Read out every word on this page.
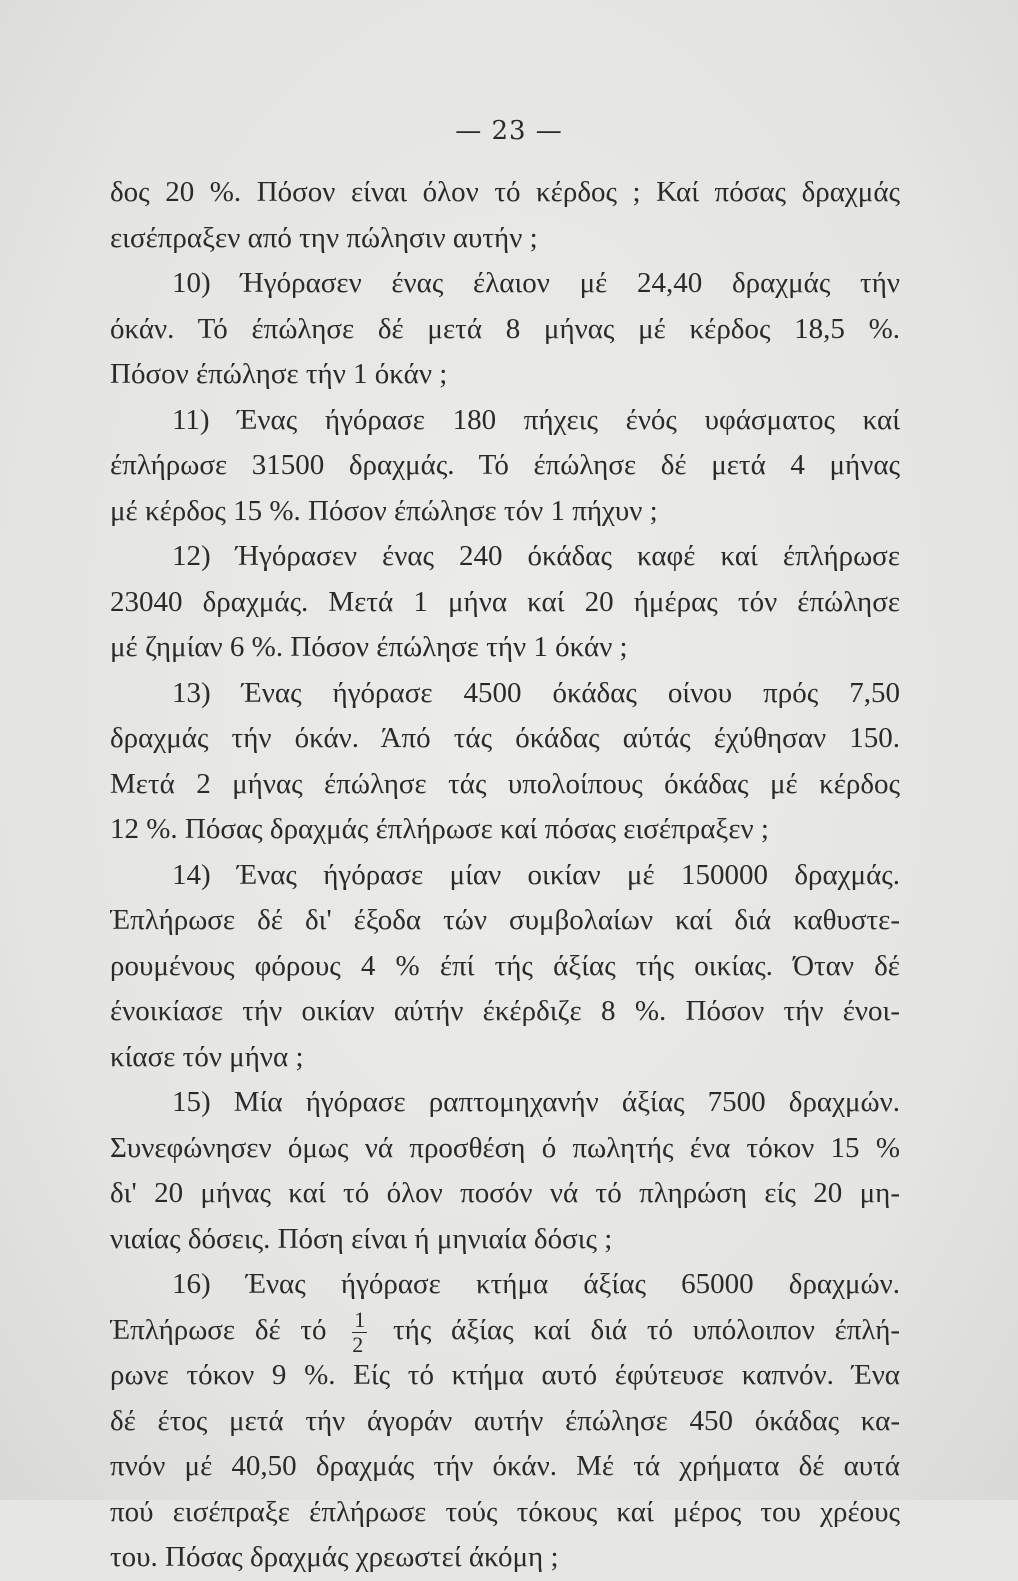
— 23 —
δος 20 %. Πόσον είναι όλον τό κέρδος ; Καί πόσας δραχμάς
εισέπραξεν από την πώλησιν αυτήν ;
10) Ήγόρασεν ένας έλαιον μέ 24,40 δραχμάς τήν
όκάν. Τό έπώλησε δέ μετά 8 μήνας μέ κέρδος 18,5 %.
Πόσον έπώλησε τήν 1 όκάν ;
11) Ένας ήγόρασε 180 πήχεις ένός υφάσματος καί
έπλήρωσε 31500 δραχμάς. Τό έπώλησε δέ μετά 4 μήνας
μέ κέρδος 15 %. Πόσον έπώλησε τόν 1 πήχυν ;
12) Ήγόρασεν ένας 240 όκάδας καφέ καί έπλήρωσε
23040 δραχμάς. Μετά 1 μήνα καί 20 ήμέρας τόν έπώλησε
μέ ζημίαν 6 %. Πόσον έπώλησε τήν 1 όκάν ;
13) Ένας ήγόρασε 4500 όκάδας οίνου πρός 7,50
δραχμάς τήν όκάν. Άπό τάς όκάδας αύτάς έχύθησαν 150.
Μετά 2 μήνας έπώλησε τάς υπολοίπους όκάδας μέ κέρδος
12 %. Πόσας δραχμάς έπλήρωσε καί πόσας εισέπραξεν ;
14) Ένας ήγόρασε μίαν οικίαν μέ 150000 δραχμάς.
Έπλήρωσε δέ δι' έξοδα τών συμβολαίων καί διά καθυστε-
ρουμένους φόρους 4 % έπί τής άξίας τής οικίας. Όταν δέ
ένοικίασε τήν οικίαν αύτήν έκέρδιζε 8 %. Πόσον τήν ένοι-
κίασε τόν μήνα ;
15) Μία ήγόρασε ραπτομηχανήν άξίας 7500 δραχμών.
Συνεφώνησεν όμως νά προσθέση ό πωλητής ένα τόκον 15 %
δι' 20 μήνας καί τό όλον ποσόν νά τό πληρώση είς 20 μη-
νιαίας δόσεις. Πόση είναι ή μηνιαία δόσις ;
16) Ένας ήγόρασε κτήμα άξίας 65000 δραχμών.
Έπλήρωσε δέ τό $\frac{1}{2}$ τής άξίας καί διά τό υπόλοιπον έπλή-
ρωνε τόκον 9 %. Είς τό κτήμα αυτό έφύτευσε καπνόν. Ένα
δέ έτος μετά τήν άγοράν αυτήν έπώλησε 450 όκάδας κα-
πνόν μέ 40,50 δραχμάς τήν όκάν. Μέ τά χρήματα δέ αυτά
πού εισέπραξε έπλήρωσε τούς τόκους καί μέρος του χρέους
του. Πόσας δραχμάς χρεωστεί άκόμη ;
